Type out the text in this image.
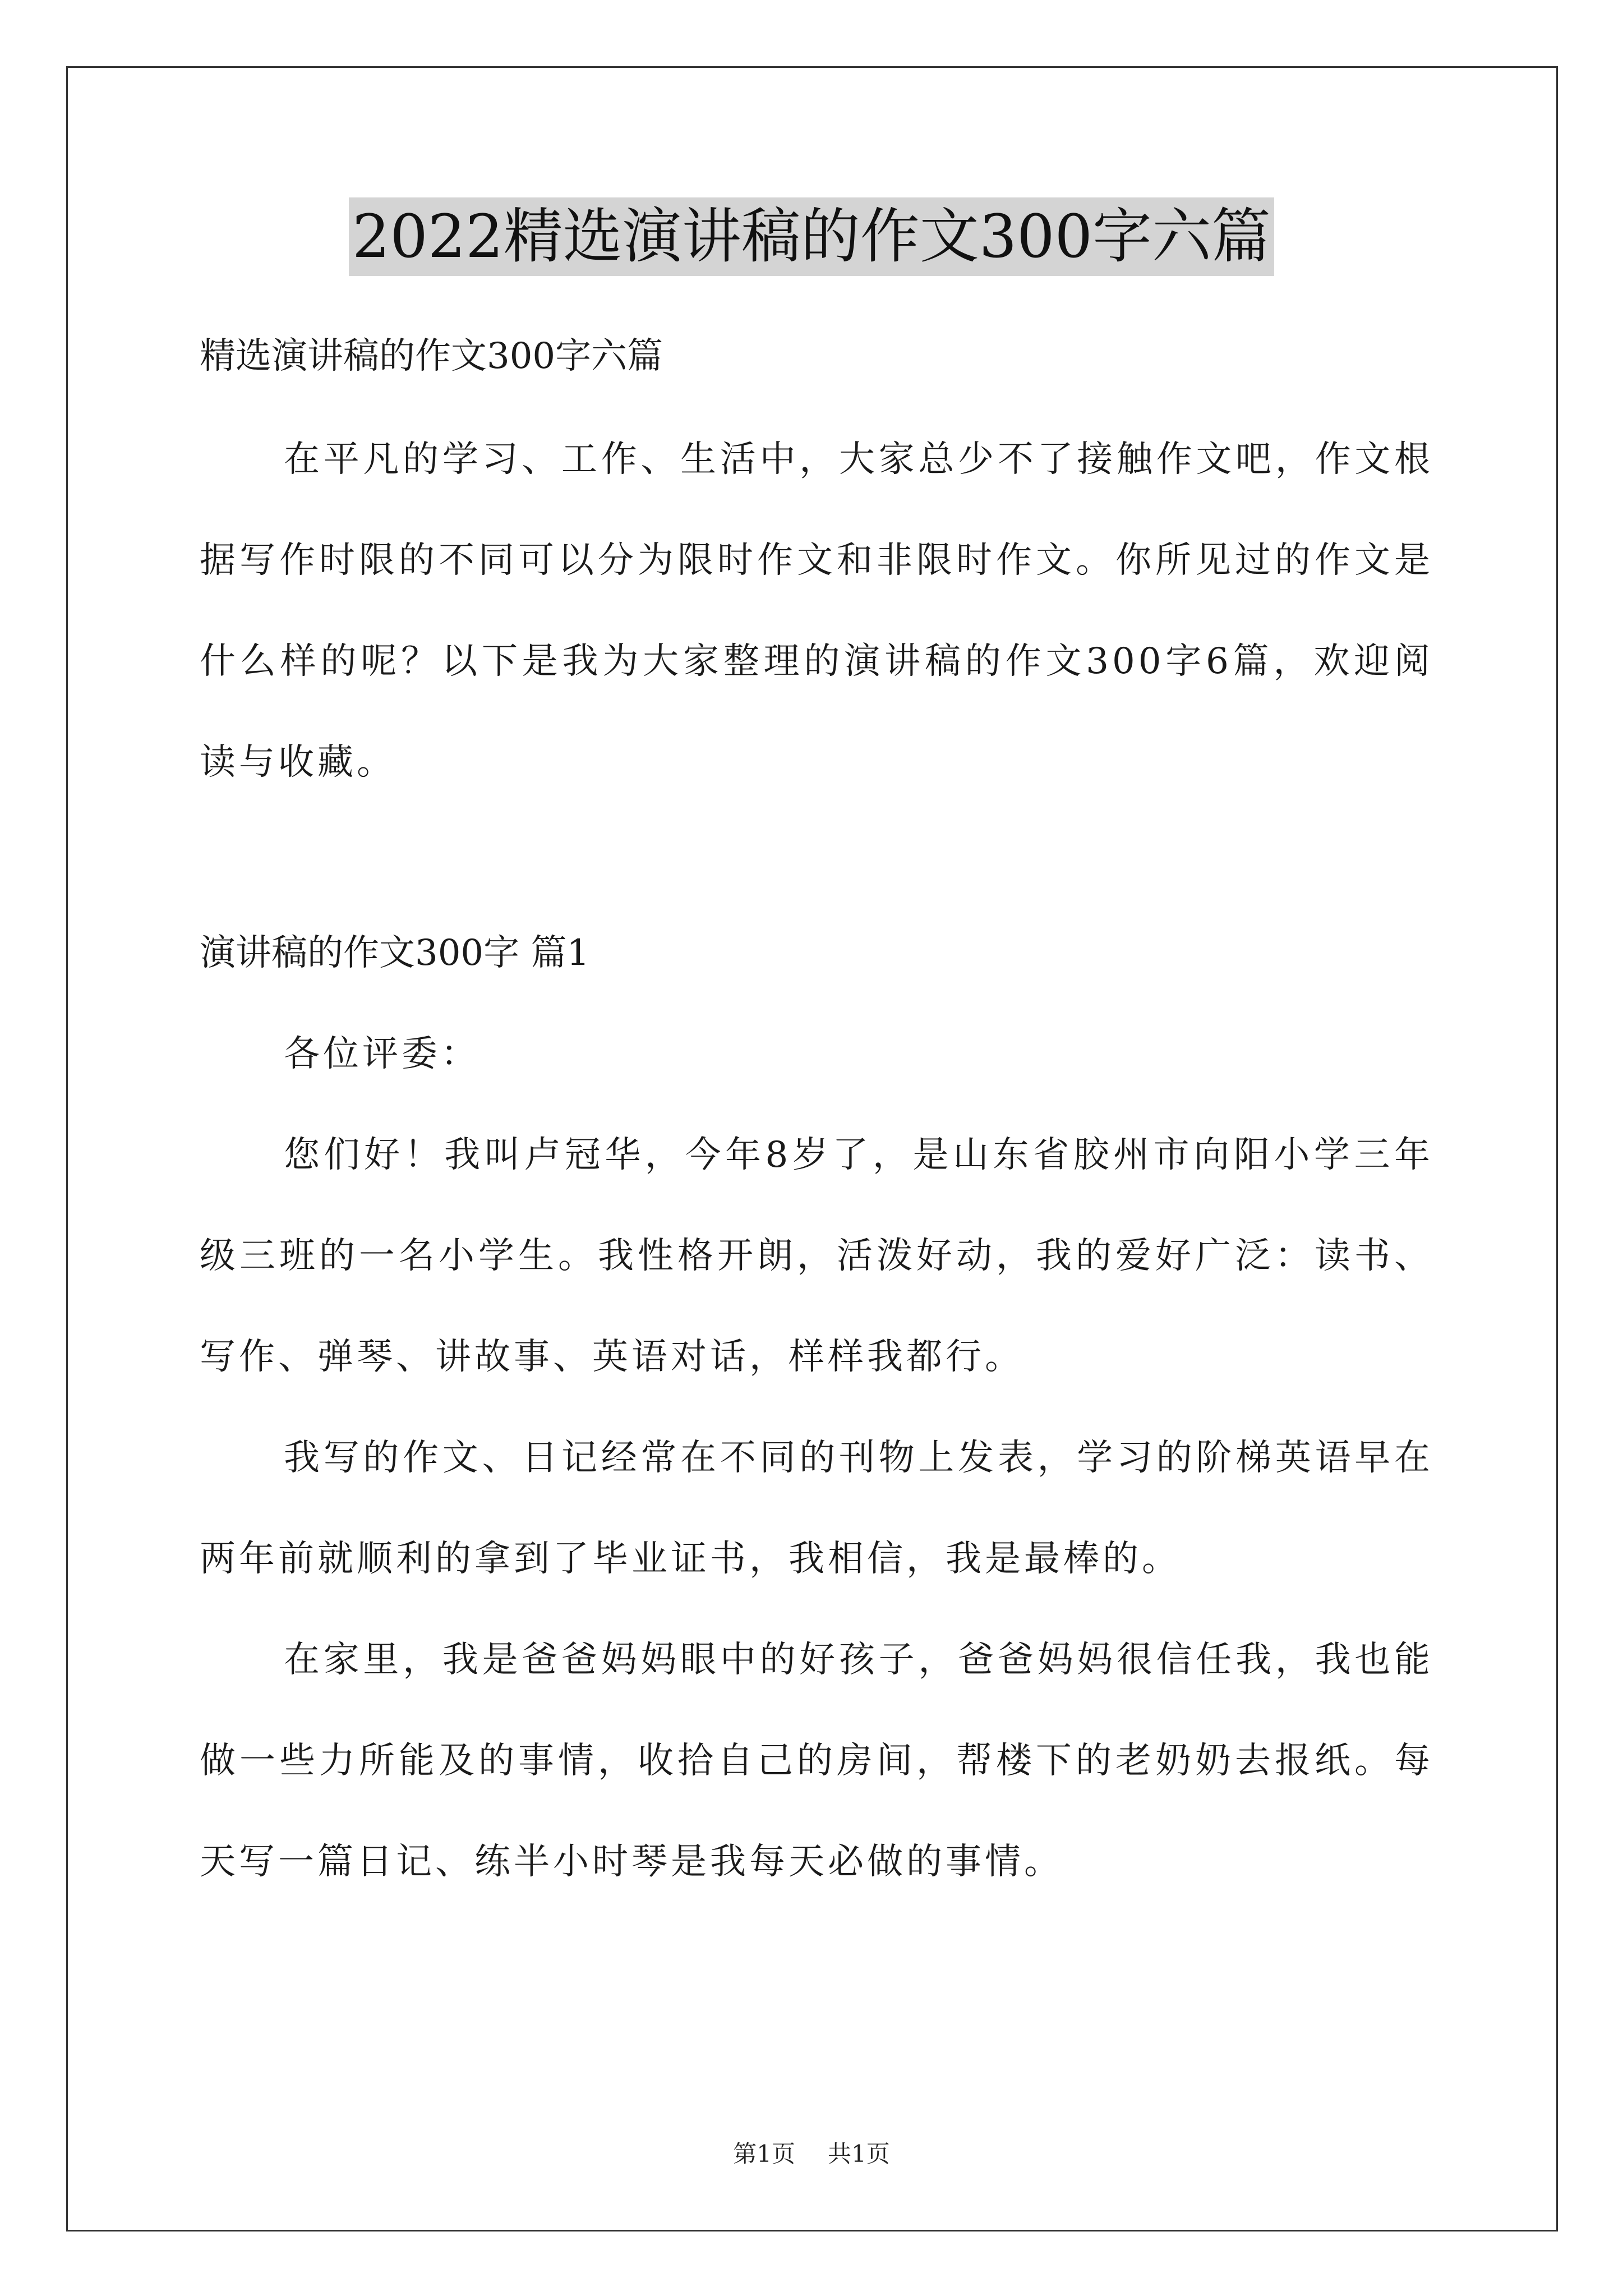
2022精选演讲稿的作文300字六篇

精选演讲稿的作文300字六篇

在平凡的学习、工作、生活中，大家总少不了接触作文吧，作文根据写作时限的不同可以分为限时作文和非限时作文。你所见过的作文是什么样的呢？以下是我为大家整理的演讲稿的作文300字6篇，欢迎阅读与收藏。

演讲稿的作文300字 篇1

各位评委：

您们好！我叫卢冠华，今年8岁了，是山东省胶州市向阳小学三年级三班的一名小学生。我性格开朗，活泼好动，我的爱好广泛：读书、写作、弹琴、讲故事、英语对话，样样我都行。

我写的作文、日记经常在不同的刊物上发表，学习的阶梯英语早在两年前就顺利的拿到了毕业证书，我相信，我是最棒的。

在家里，我是爸爸妈妈眼中的好孩子，爸爸妈妈很信任我，我也能做一些力所能及的事情，收拾自己的房间，帮楼下的老奶奶去报纸。每天写一篇日记、练半小时琴是我每天必做的事情。

第1页 共1页
